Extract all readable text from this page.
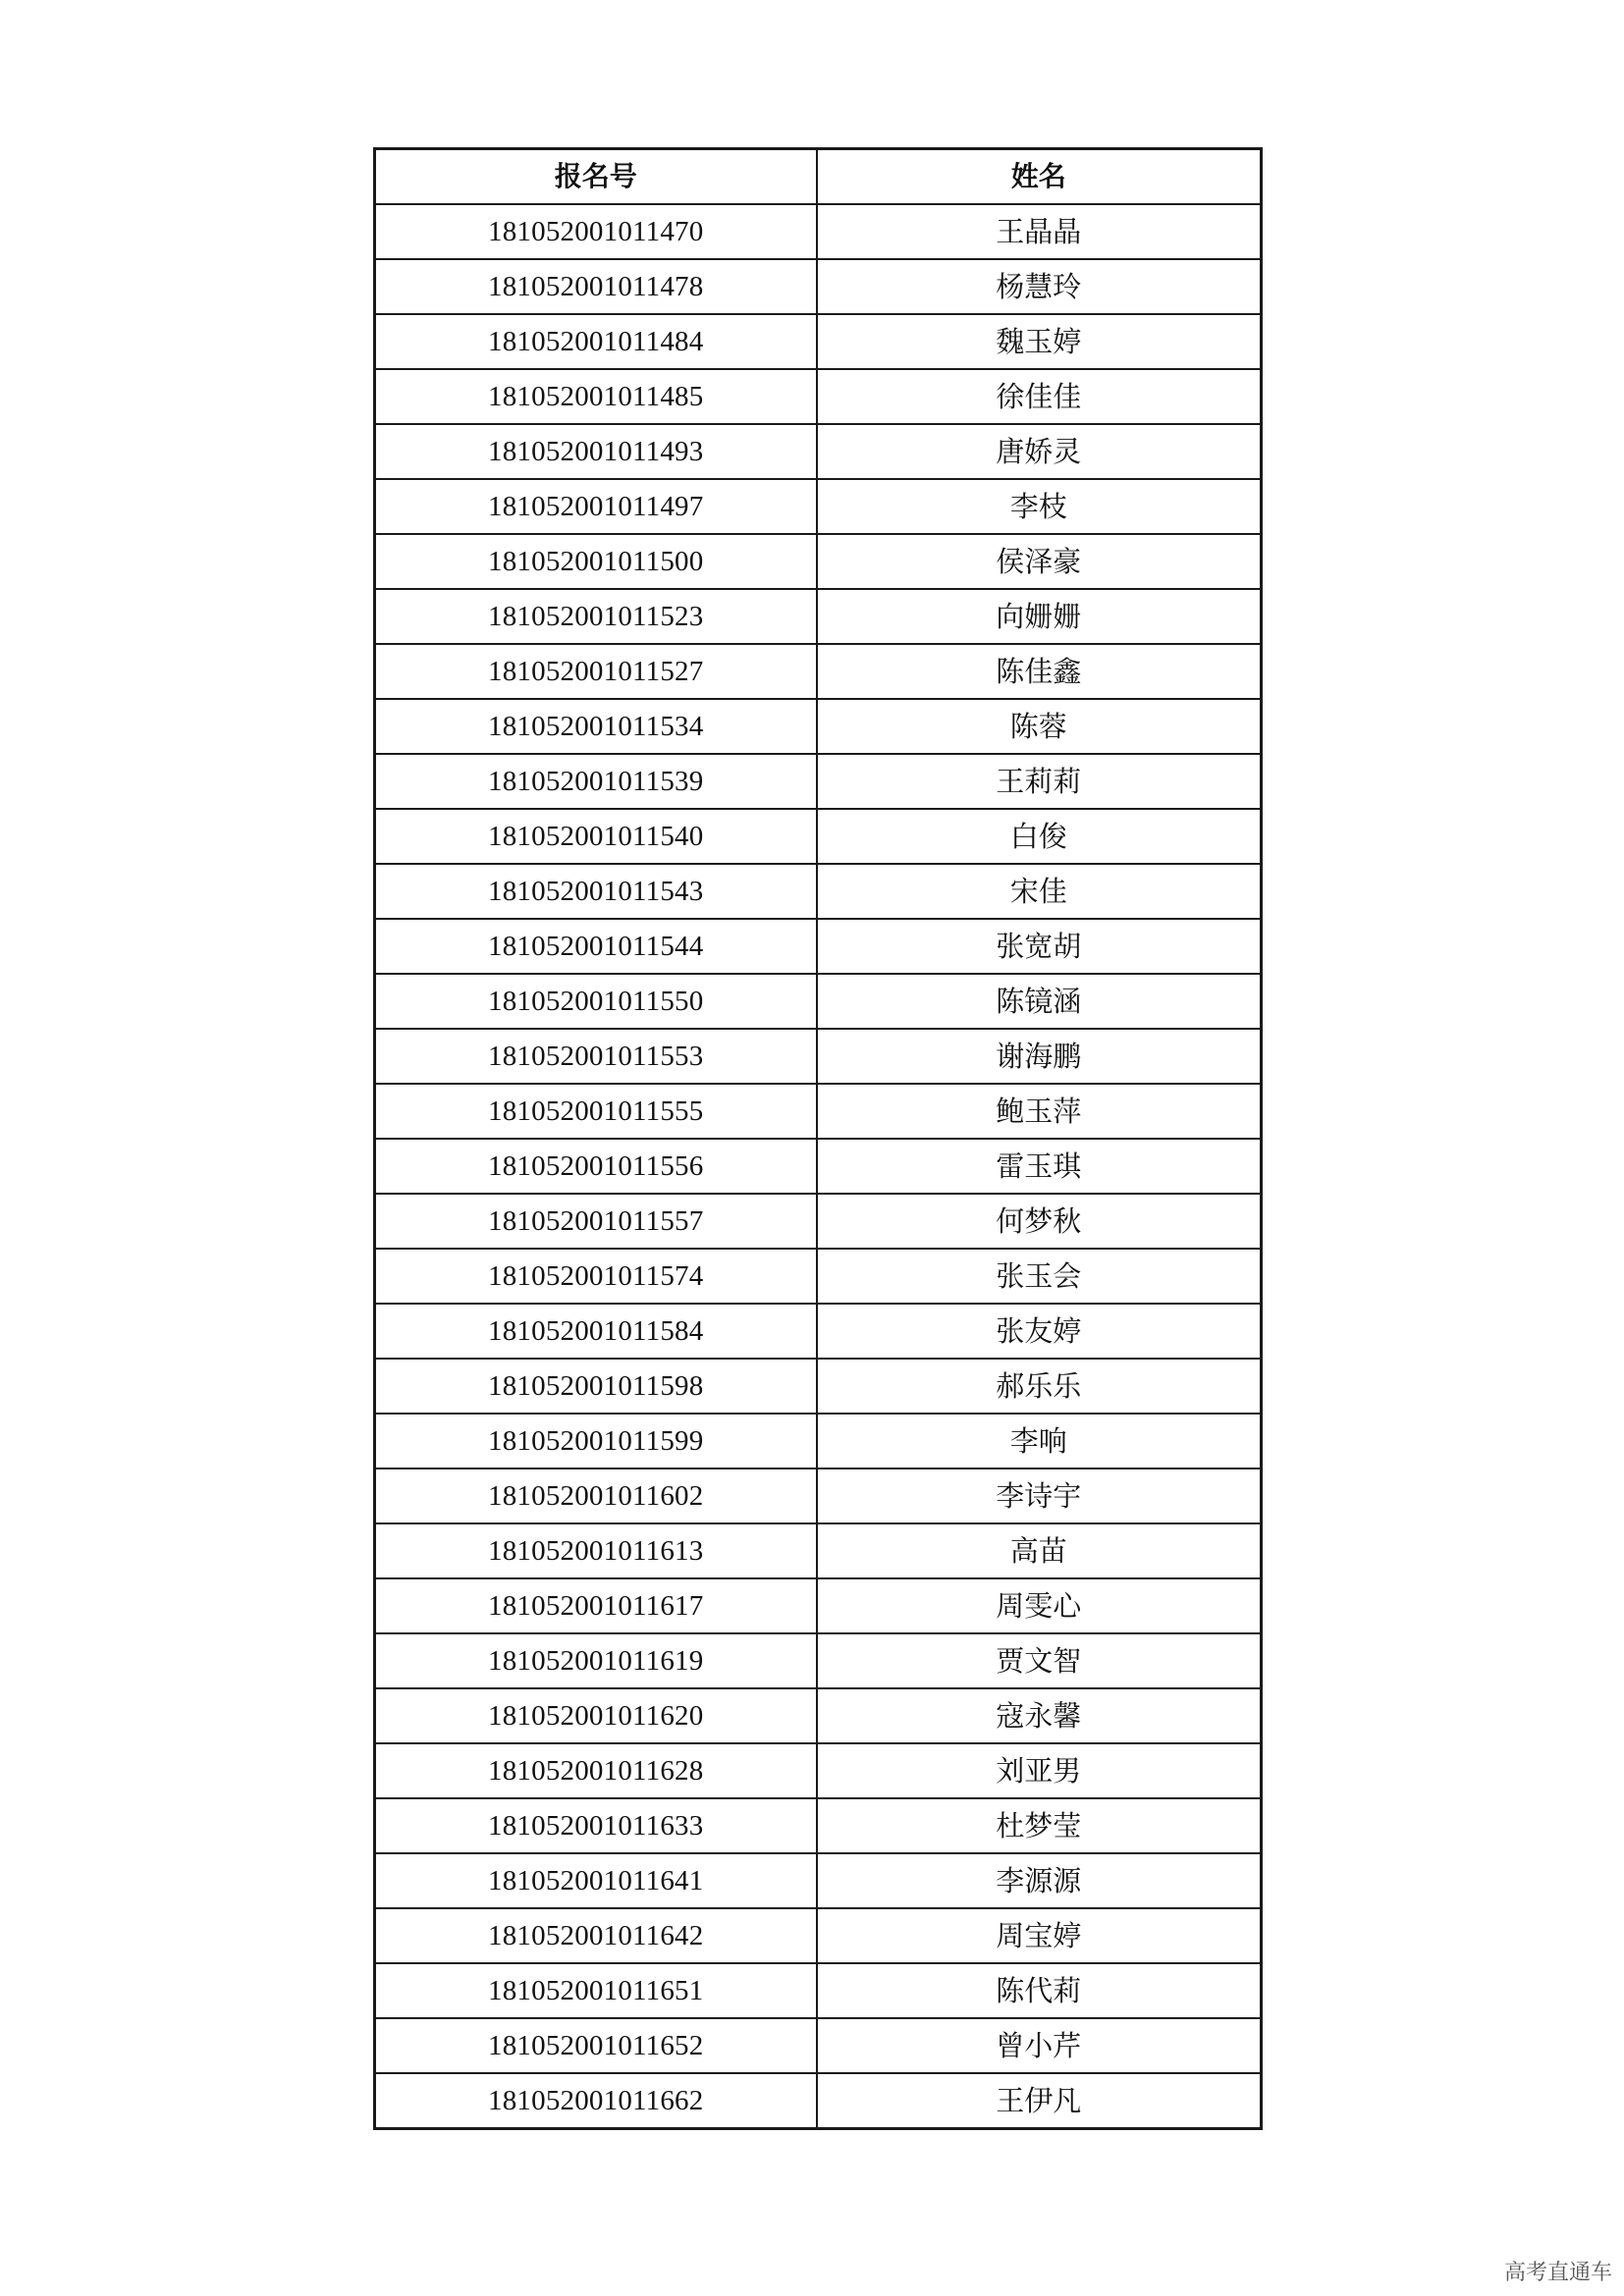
报名号	姓名
181052001011470	王晶晶
181052001011478	杨慧玲
181052001011484	魏玉婷
181052001011485	徐佳佳
181052001011493	唐娇灵
181052001011497	李枝
181052001011500	侯泽豪
181052001011523	向姗姗
181052001011527	陈佳鑫
181052001011534	陈蓉
181052001011539	王莉莉
181052001011540	白俊
181052001011543	宋佳
181052001011544	张宽胡
181052001011550	陈镜涵
181052001011553	谢海鹏
181052001011555	鲍玉萍
181052001011556	雷玉琪
181052001011557	何梦秋
181052001011574	张玉会
181052001011584	张友婷
181052001011598	郝乐乐
181052001011599	李响
181052001011602	李诗宇
181052001011613	高苗
181052001011617	周雯心
181052001011619	贾文智
181052001011620	寇永馨
181052001011628	刘亚男
181052001011633	杜梦莹
181052001011641	李源源
181052001011642	周宝婷
181052001011651	陈代莉
181052001011652	曾小芹
181052001011662	王伊凡
高考直通车
